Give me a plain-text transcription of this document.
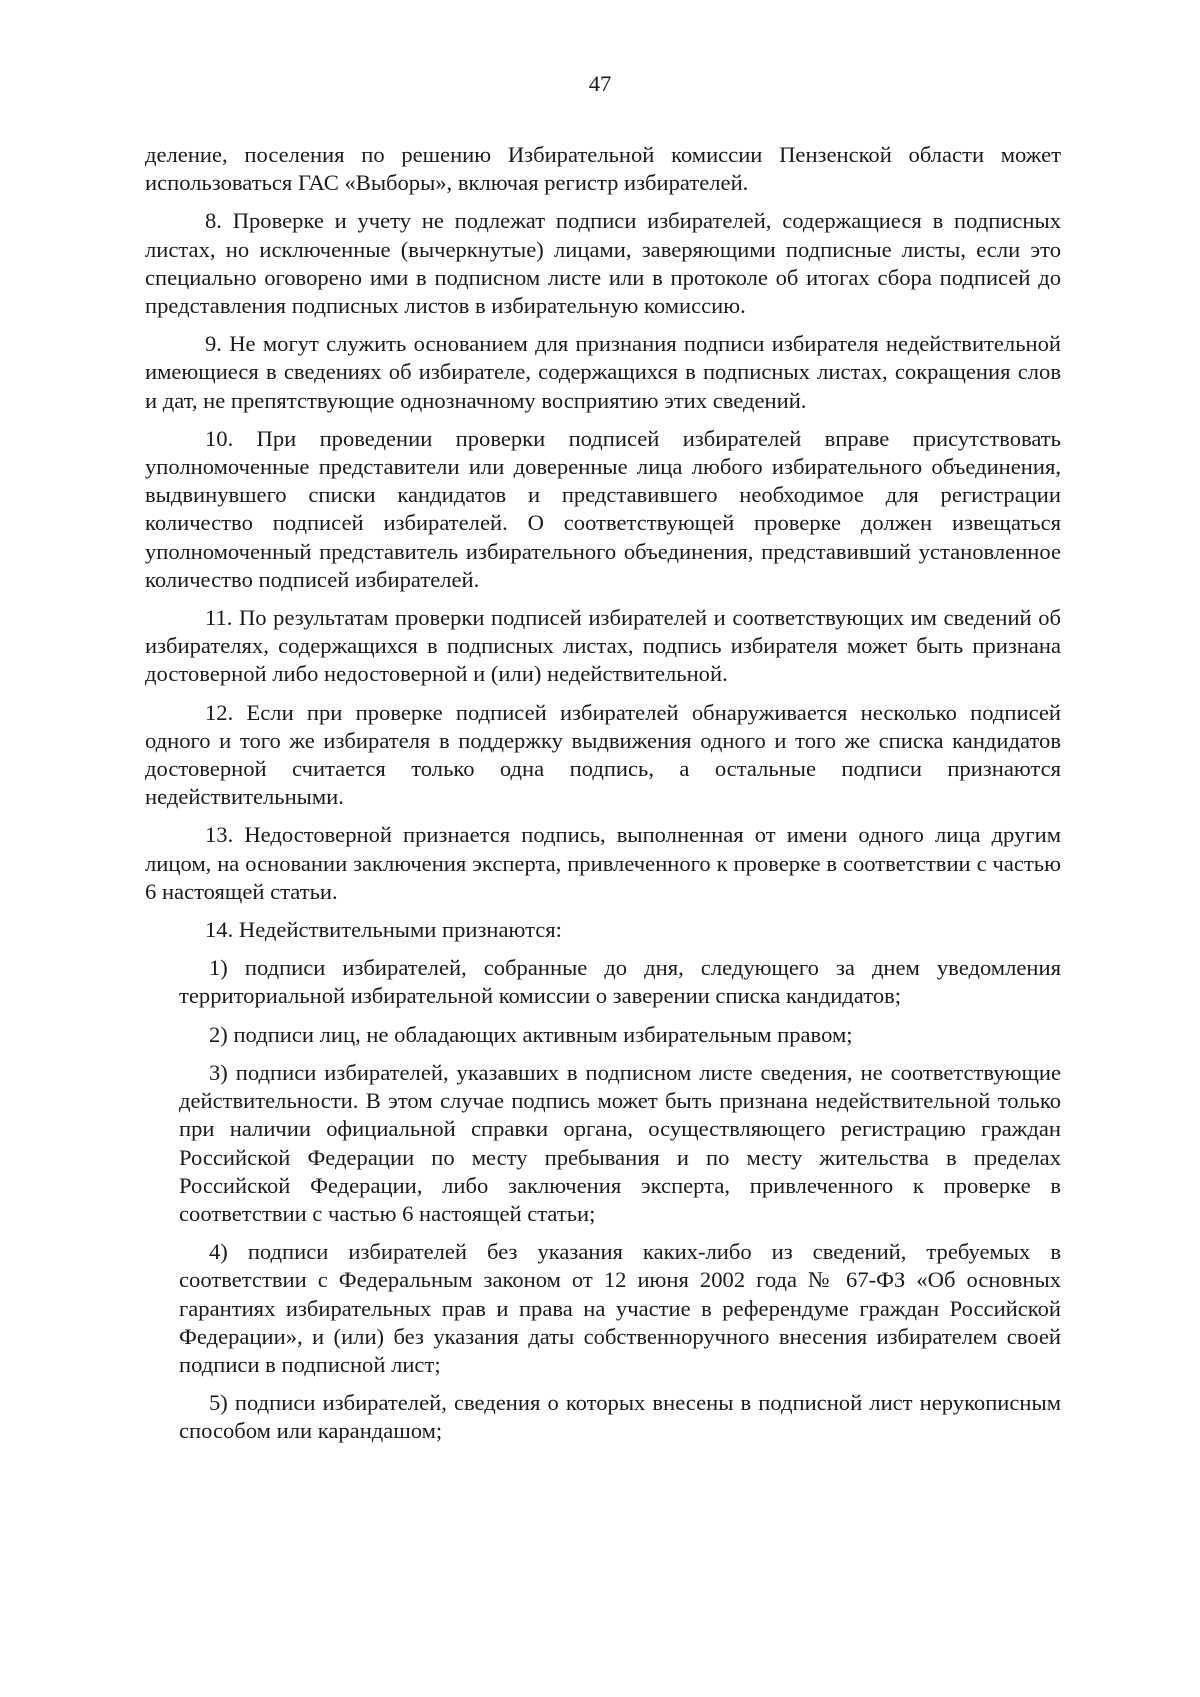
47

деление, поселения по решению Избирательной комиссии Пензенской области может использоваться ГАС «Выборы», включая регистр избирателей.

8. Проверке и учету не подлежат подписи избирателей, содержащиеся в подписных листах, но исключенные (вычеркнутые) лицами, заверяющими подписные листы, если это специально оговорено ими в подписном листе или в протоколе об итогах сбора подписей до представления подписных листов в избирательную комиссию.

9. Не могут служить основанием для признания подписи избирателя недействительной имеющиеся в сведениях об избирателе, содержащихся в подписных листах, сокращения слов и дат, не препятствующие однозначному восприятию этих сведений.

10. При проведении проверки подписей избирателей вправе присутствовать уполномоченные представители или доверенные лица любого избирательного объединения, выдвинувшего списки кандидатов и представившего необходимое для регистрации количество подписей избирателей. О соответствующей проверке должен извещаться уполномоченный представитель избирательного объединения, представивший установленное количество подписей избирателей.

11. По результатам проверки подписей избирателей и соответствующих им сведений об избирателях, содержащихся в подписных листах, подпись избирателя может быть признана достоверной либо недостоверной и (или) недействительной.

12. Если при проверке подписей избирателей обнаруживается несколько подписей одного и того же избирателя в поддержку выдвижения одного и того же списка кандидатов достоверной считается только одна подпись, а остальные подписи признаются недействительными.

13. Недостоверной признается подпись, выполненная от имени одного лица другим лицом, на основании заключения эксперта, привлеченного к проверке в соответствии с частью 6 настоящей статьи.

14. Недействительными признаются:

1) подписи избирателей, собранные до дня, следующего за днем уведомления территориальной избирательной комиссии о заверении списка кандидатов;

2) подписи лиц, не обладающих активным избирательным правом;

3) подписи избирателей, указавших в подписном листе сведения, не соответствующие действительности. В этом случае подпись может быть признана недействительной только при наличии официальной справки органа, осуществляющего регистрацию граждан Российской Федерации по месту пребывания и по месту жительства в пределах Российской Федерации, либо заключения эксперта, привлеченного к проверке в соответствии с частью 6 настоящей статьи;

4) подписи избирателей без указания каких-либо из сведений, требуемых в соответствии с Федеральным законом от 12 июня 2002 года № 67-ФЗ «Об основных гарантиях избирательных прав и права на участие в референдуме граждан Российской Федерации», и (или) без указания даты собственноручного внесения избирателем своей подписи в подписной лист;

5) подписи избирателей, сведения о которых внесены в подписной лист нерукописным способом или карандашом;
